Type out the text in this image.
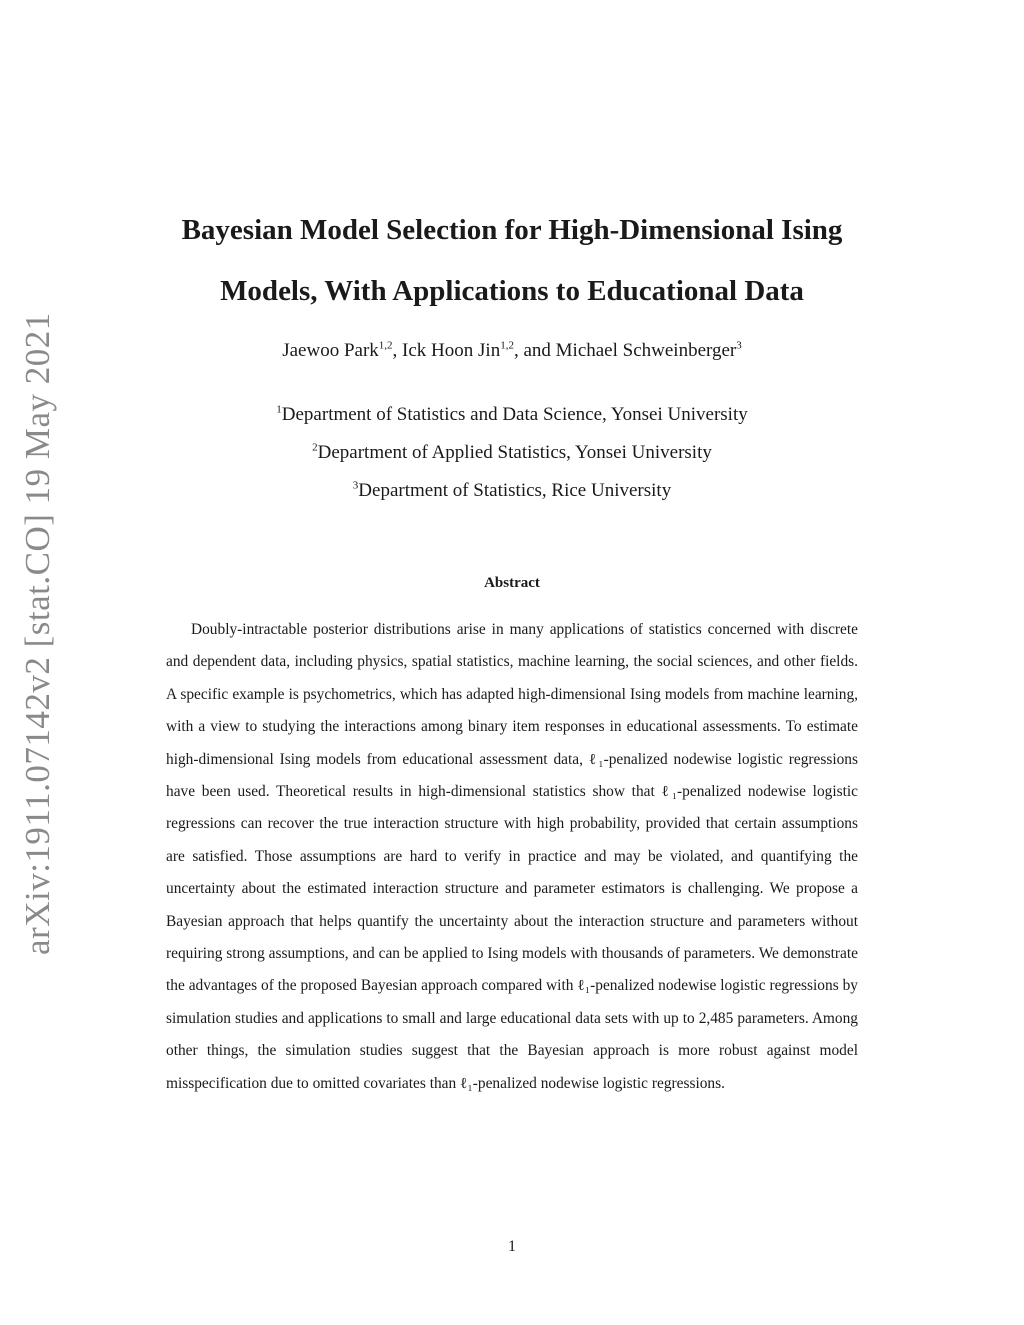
arXiv:1911.07142v2 [stat.CO] 19 May 2021
Bayesian Model Selection for High-Dimensional Ising
Models, With Applications to Educational Data
Jaewoo Park$^{1,2}$, Ick Hoon Jin$^{1,2}$, and Michael Schweinberger$^3$
$^1$Department of Statistics and Data Science, Yonsei University
$^2$Department of Applied Statistics, Yonsei University
$^3$Department of Statistics, Rice University
Abstract

Doubly-intractable posterior distributions arise in many applications of statistics concerned with discrete and dependent data, including physics, spatial statistics, machine learning, the social sciences, and other fields. A specific example is psychometrics, which has adapted high-dimensional Ising models from machine learning, with a view to studying the interactions among binary item responses in educational assessments. To estimate high-dimensional Ising models from educational assessment data, ℓ₁-penalized nodewise logistic regressions have been used. Theoretical results in high-dimensional statistics show that ℓ₁-penalized nodewise logistic regressions can recover the true interaction structure with high probability, provided that certain assumptions are satisfied. Those assumptions are hard to verify in practice and may be violated, and quantifying the uncertainty about the estimated interaction structure and parameter estimators is challenging. We propose a Bayesian approach that helps quantify the uncertainty about the interaction structure and parameters without requiring strong assumptions, and can be applied to Ising models with thousands of parameters. We demonstrate the advantages of the proposed Bayesian approach compared with ℓ₁-penalized nodewise logistic regressions by simulation studies and applications to small and large educational data sets with up to 2,485 parameters. Among other things, the simulation studies suggest that the Bayesian approach is more robust against model misspecification due to omitted covariates than ℓ₁-penalized nodewise logistic regressions.

1
